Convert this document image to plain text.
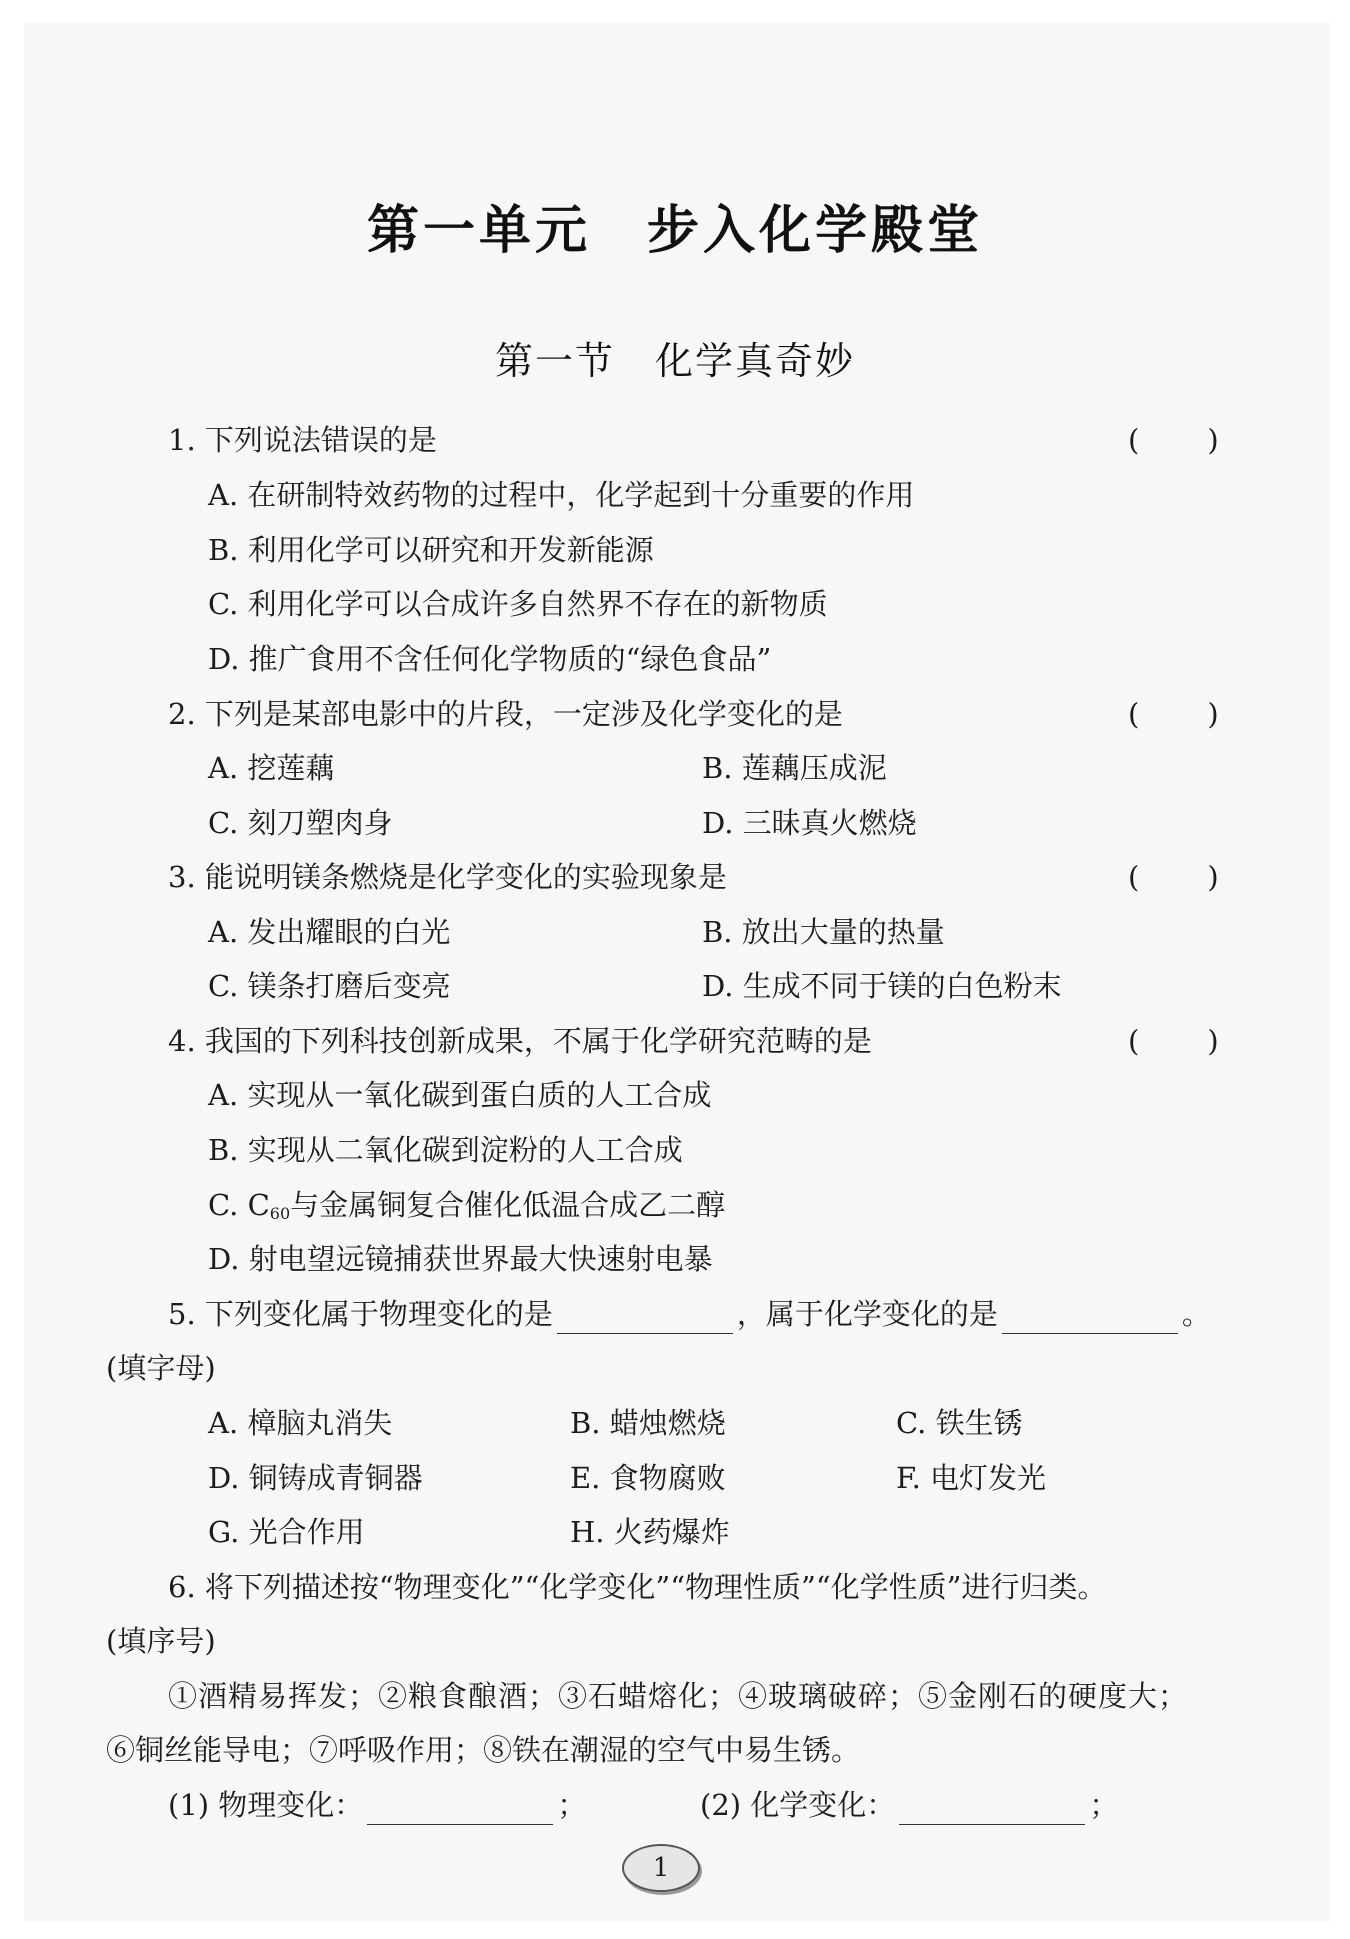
第一单元　步入化学殿堂
第一节　化学真奇妙
1. 下列说法错误的是	( )
A. 在研制特效药物的过程中，化学起到十分重要的作用
B. 利用化学可以研究和开发新能源
C. 利用化学可以合成许多自然界不存在的新物质
D. 推广食用不含任何化学物质的“绿色食品”
2. 下列是某部电影中的片段，一定涉及化学变化的是	( )
A. 挖莲藕	B. 莲藕压成泥
C. 刻刀塑肉身	D. 三昧真火燃烧
3. 能说明镁条燃烧是化学变化的实验现象是	( )
A. 发出耀眼的白光	B. 放出大量的热量
C. 镁条打磨后变亮	D. 生成不同于镁的白色粉末
4. 我国的下列科技创新成果，不属于化学研究范畴的是	( )
A. 实现从一氧化碳到蛋白质的人工合成
B. 实现从二氧化碳到淀粉的人工合成
C. $C_{60}$与金属铜复合催化低温合成乙二醇
D. 射电望远镜捕获世界最大快速射电暴
5. 下列变化属于物理变化的是	，属于化学变化的是	。
(填字母)
A. 樟脑丸消失	B. 蜡烛燃烧	C. 铁生锈
D. 铜铸成青铜器	E. 食物腐败	F. 电灯发光
G. 光合作用	H. 火药爆炸
6. 将下列描述按“物理变化”“化学变化”“物理性质”“化学性质”进行归类。
(填序号)
①酒精易挥发；②粮食酿酒；③石蜡熔化；④玻璃破碎；⑤金刚石的硬度大；
⑥铜丝能导电；⑦呼吸作用；⑧铁在潮湿的空气中易生锈。
(1) 物理变化：	；	(2) 化学变化：	；
1
